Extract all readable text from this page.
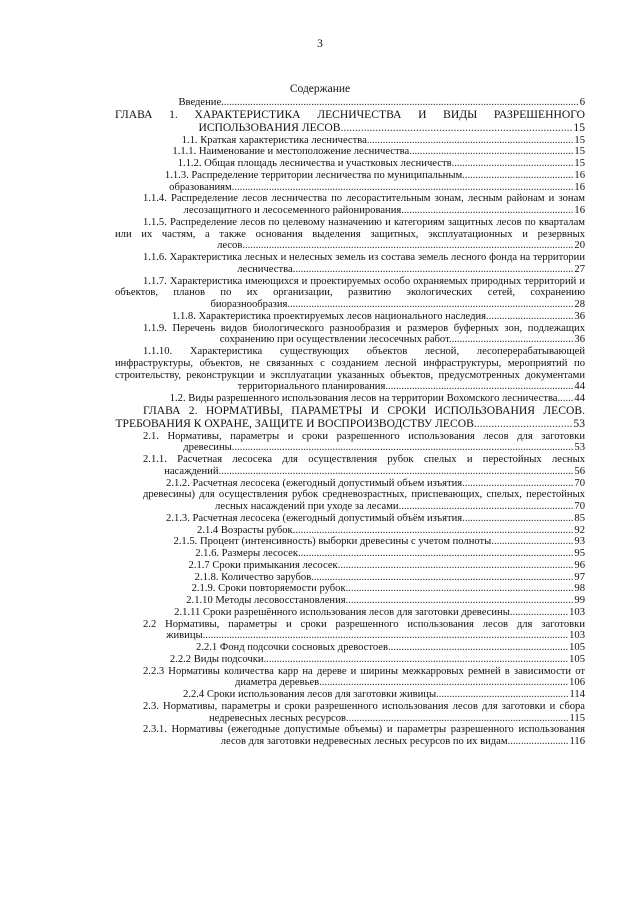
3
Содержание
Введение.......................................................................................................................................6
ГЛАВА 1. ХАРАКТЕРИСТИКА ЛЕСНИЧЕСТВА И ВИДЫ РАЗРЕШЕННОГО ИСПОЛЬЗОВАНИЯ ЛЕСОВ................................................................................15
1.1. Краткая характеристика лесничества..............................................................................15
1.1.1. Наименование и местоположение лесничества..............................................................15
1.1.2. Общая площадь лесничества и участковых лесничеств..............................................15
1.1.3. Распределение территории лесничества по муниципальным..........................................16
образованиям.................................................................................................................................16
1.1.4. Распределение лесов лесничества по лесорастительным зонам, лесным районам и зонам лесозащитного и лесосеменного районирования.................................................................16
1.1.5. Распределение лесов по целевому назначению и категориям защитных лесов по кварталам или их частям, а также основания выделения защитных, эксплуатационных и резервных лесов.............................................................................................................................20
1.1.6. Характеристика лесных и нелесных земель из состава земель лесного фонда на территории лесничества..........................................................................................................27
1.1.7. Характеристика имеющихся и проектируемых особо охраняемых природных территорий и объектов, планов по их организации, развитию экологических сетей, сохранению биоразнообразия............................................................................................................28
1.1.8. Характеристика проектируемых лесов национального наследия.................................36
1.1.9. Перечень видов биологического разнообразия и размеров буферных зон, подлежащих сохранению при осуществлении лесосечных работ...............................................36
1.1.10. Характеристика существующих объектов лесной, лесоперерабатывающей инфраструктуры, объектов, не связанных с созданием лесной инфраструктуры, мероприятий по строительству, реконструкции и эксплуатации указанных объектов, предусмотренных документами территориального планирования.......................................................................44
1.2. Виды разрешенного использования лесов на территории Вохомского лесничества......44
ГЛАВА 2. НОРМАТИВЫ, ПАРАМЕТРЫ И СРОКИ ИСПОЛЬЗОВАНИЯ ЛЕСОВ. ТРЕБОВАНИЯ К ОХРАНЕ, ЗАЩИТЕ И ВОСПРОИЗВОДСТВУ ЛЕСОВ..................................53
2.1. Нормативы, параметры и сроки разрешенного использования лесов для заготовки древесины.................................................................................................................................53
2.1.1. Расчетная лесосека для осуществления рубок спелых и перестойных лесных насаждений......................................................................................................................................56
2.1.2. Расчетная лесосека (ежегодный допустимый объем изъятия..........................................70
древесины) для осуществления рубок средневозрастных, приспевающих, спелых, перестойных лесных насаждений при уходе за лесами..................................................................70
2.1.3. Расчетная лесосека (ежегодный допустимый объём изъятия..........................................85
2.1.4 Возрасты рубок..........................................................................................................92
2.1.5. Процент (интенсивность) выборки древесины с учетом полноты...............................93
2.1.6. Размеры лесосек........................................................................................................95
2.1.7 Сроки примыкания лесосек.........................................................................................96
2.1.8. Количество зарубов...................................................................................................97
2.1.9. Сроки повторяемости рубок......................................................................................98
2.1.10 Методы лесовосстановления......................................................................................99
2.1.11 Сроки разрешённого использования лесов для заготовки древесины......................103
2.2 Нормативы, параметры и сроки разрешенного использования лесов для заготовки живицы..........................................................................................................................................103
2.2.1 Фонд подсочки сосновых древостоев....................................................................105
2.2.2 Виды подсочки...................................................................................................................105
2.2.3 Нормативы количества карр на дереве и ширины межкарровых ремней в зависимости от диаметра деревьев..............................................................................................106
2.2.4 Сроки использования лесов для заготовки живицы..................................................114
2.3. Нормативы, параметры и сроки разрешенного использования лесов для заготовки и сбора недревесных лесных ресурсов....................................................................................115
2.3.1. Нормативы (ежегодные допустимые объемы) и параметры разрешенного использования лесов для заготовки недревесных лесных ресурсов по их видам.......................116
